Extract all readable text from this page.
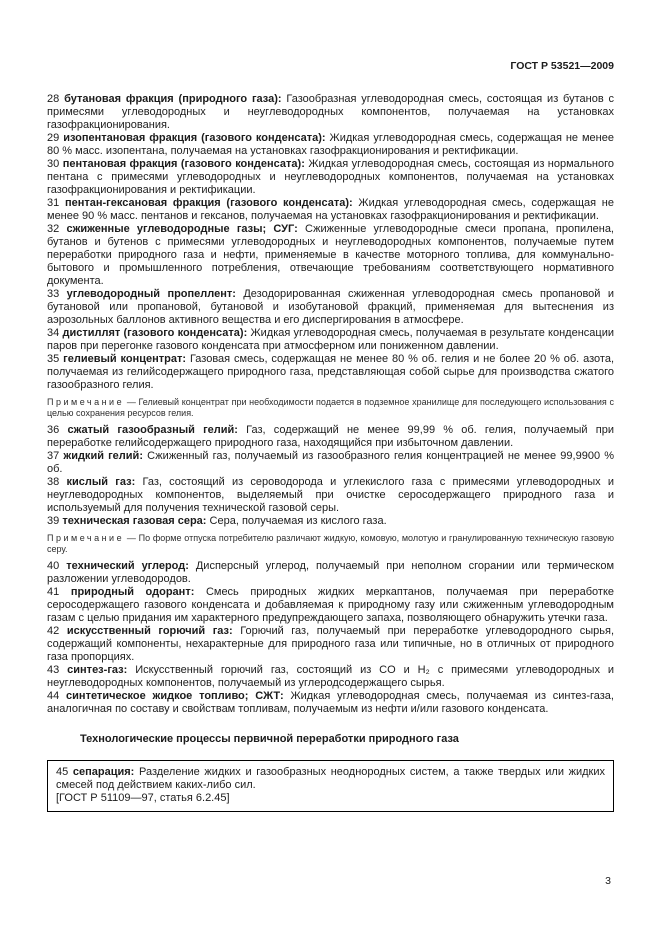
ГОСТ Р 53521—2009

28 бутановая фракция (природного газа): Газообразная углеводородная смесь, состоящая из бутанов с примесями углеводородных и неуглеводородных компонентов, получаемая на установках газофракционирования.

29 изопентановая фракция (газового конденсата): Жидкая углеводородная смесь, содержащая не менее 80 % масс. изопентана, получаемая на установках газофракционирования и ректификации.

30 пентановая фракция (газового конденсата): Жидкая углеводородная смесь, состоящая из нормального пентана с примесями углеводородных и неуглеводородных компонентов, получаемая на установках газофракционирования и ректификации.

31 пентан-гексановая фракция (газового конденсата): Жидкая углеводородная смесь, содержащая не менее 90 % масс. пентанов и гексанов, получаемая на установках газофракционирования и ректификации.

32 сжиженные углеводородные газы; СУГ: Сжиженные углеводородные смеси пропана, пропилена, бутанов и бутенов с примесями углеводородных и неуглеводородных компонентов, получаемые путем переработки природного газа и нефти, применяемые в качестве моторного топлива, для коммунально-бытового и промышленного потребления, отвечающие требованиям соответствующего нормативного документа.

33 углеводородный пропеллент: Дезодорированная сжиженная углеводородная смесь пропановой и бутановой или пропановой, бутановой и изобутановой фракций, применяемая для вытеснения из аэрозольных баллонов активного вещества и его диспергирования в атмосфере.

34 дистиллят (газового конденсата): Жидкая углеводородная смесь, получаемая в результате конденсации паров при перегонке газового конденсата при атмосферном или пониженном давлении.

35 гелиевый концентрат: Газовая смесь, содержащая не менее 80 % об. гелия и не более 20 % об. азота, получаемая из гелийсодержащего природного газа, представляющая собой сырье для производства сжатого газообразного гелия.

Примечание — Гелиевый концентрат при необходимости подается в подземное хранилище для последующего использования с целью сохранения ресурсов гелия.

36 сжатый газообразный гелий: Газ, содержащий не менее 99,99 % об. гелия, получаемый при переработке гелийсодержащего природного газа, находящийся при избыточном давлении.

37 жидкий гелий: Сжиженный газ, получаемый из газообразного гелия концентрацией не менее 99,9900 % об.

38 кислый газ: Газ, состоящий из сероводорода и углекислого газа с примесями углеводородных и неуглеводородных компонентов, выделяемый при очистке серосодержащего природного газа и используемый для получения технической газовой серы.

39 техническая газовая сера: Сера, получаемая из кислого газа.

Примечание — По форме отпуска потребителю различают жидкую, комовую, молотую и гранулированную техническую газовую серу.

40 технический углерод: Дисперсный углерод, получаемый при неполном сгорании или термическом разложении углеводородов.

41 природный одорант: Смесь природных жидких меркаптанов, получаемая при переработке серосодержащего газового конденсата и добавляемая к природному газу или сжиженным углеводородным газам с целью придания им характерного предупреждающего запаха, позволяющего обнаружить утечки газа.

42 искусственный горючий газ: Горючий газ, получаемый при переработке углеводородного сырья, содержащий компоненты, нехарактерные для природного газа или типичные, но в отличных от природного газа пропорциях.

43 синтез-газ: Искусственный горючий газ, состоящий из CO и H₂ с примесями углеводородных и неуглеводородных компонентов, получаемый из углеродсодержащего сырья.

44 синтетическое жидкое топливо; СЖТ: Жидкая углеводородная смесь, получаемая из синтез-газа, аналогичная по составу и свойствам топливам, получаемым из нефти и/или газового конденсата.

Технологические процессы первичной переработки природного газа

45 сепарация: Разделение жидких и газообразных неоднородных систем, а также твердых или жидких смесей под действием каких-либо сил.

[ГОСТ Р 51109—97, статья 6.2.45]

3
